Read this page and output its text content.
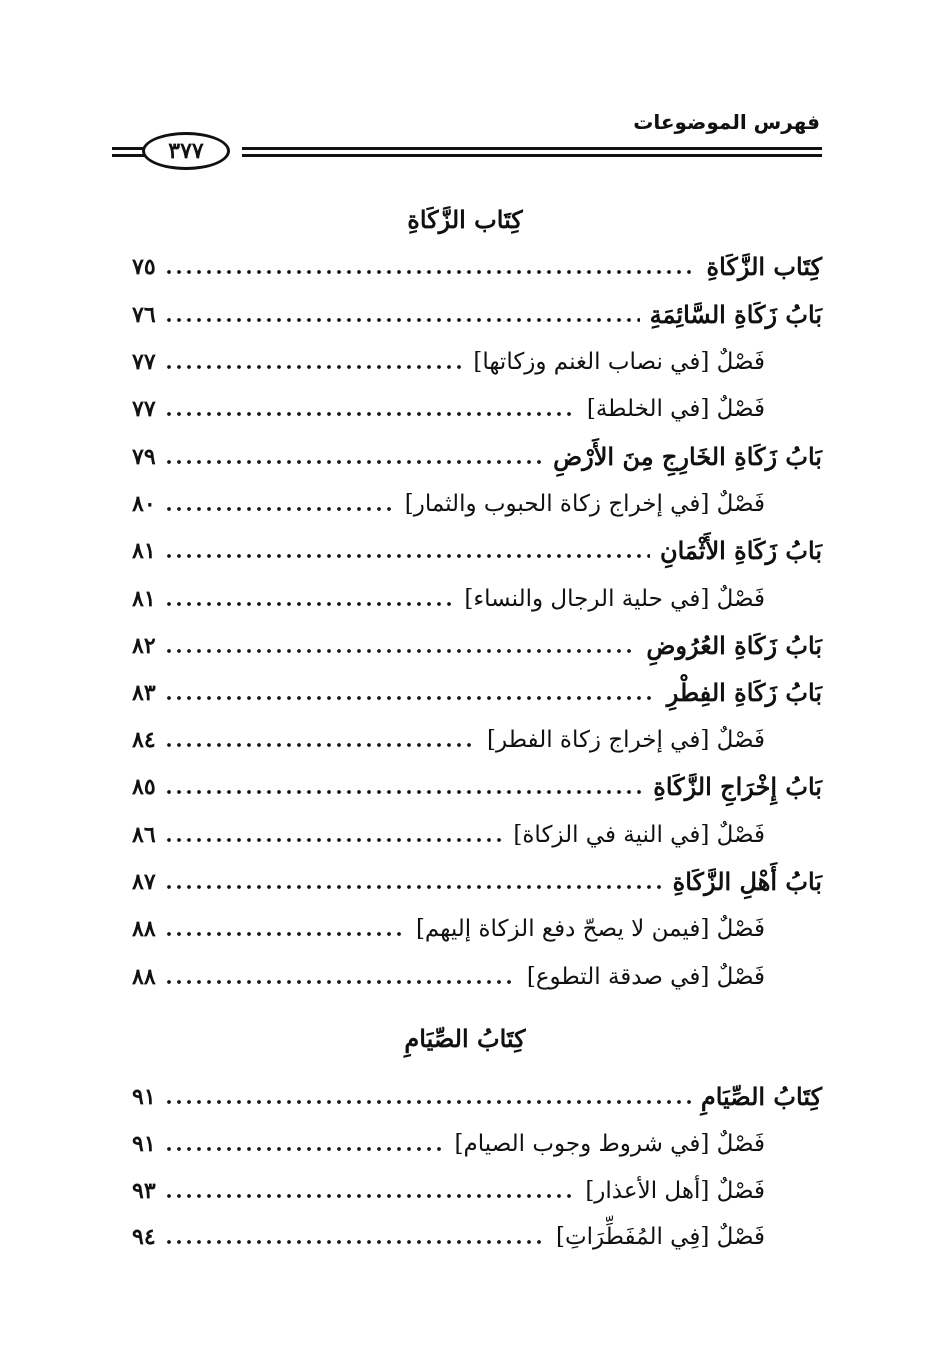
فهرس الموضوعات
٣٧٧
كِتَاب الزَّكَاةِ
كِتَاب الزَّكَاةِ
٧٥
بَابُ زَكَاةِ السَّائِمَةِ
٧٦
فَصْلٌ [في نصاب الغنم وزكاتها]
٧٧
فَصْلٌ [في الخلطة]
٧٧
بَابُ زَكَاةِ الخَارِجِ مِنَ الأَرْضِ
٧٩
فَصْلٌ [في إخراج زكاة الحبوب والثمار]
٨٠
بَابُ زَكَاةِ الأَثْمَانِ
٨١
فَصْلٌ [في حلية الرجال والنساء]
٨١
بَابُ زَكَاةِ العُرُوضِ
٨٢
بَابُ زَكَاةِ الفِطْرِ
٨٣
فَصْلٌ [في إخراج زكاة الفطر]
٨٤
بَابُ إِخْرَاجِ الزَّكَاةِ
٨٥
فَصْلٌ [في النية في الزكاة]
٨٦
بَابُ أَهْلِ الزَّكَاةِ
٨٧
فَصْلٌ [فيمن لا يصحّ دفع الزكاة إليهم]
٨٨
فَصْلٌ [في صدقة التطوع]
٨٨
كِتَابُ الصِّيَامِ
كِتَابُ الصِّيَامِ
٩١
فَصْلٌ [في شروط وجوب الصيام]
٩١
فَصْلٌ [أهل الأعذار]
٩٣
فَصْلٌ [فِي المُفَطِّرَاتِ]
٩٤
